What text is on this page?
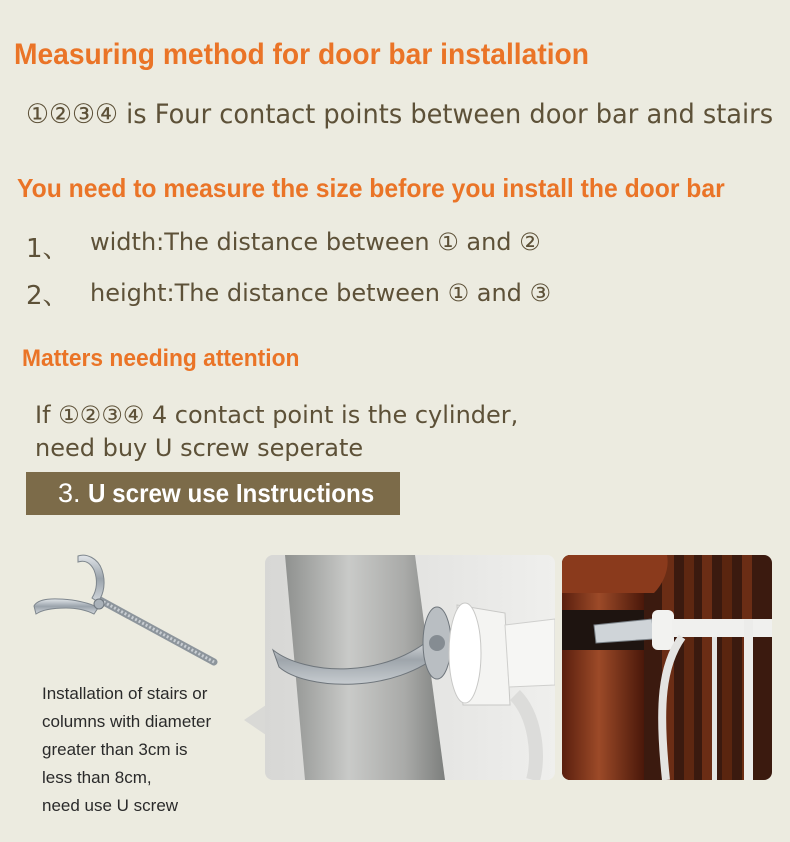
Measuring method for door bar installation
①②③④ is Four contact points between door bar and stairs
You need to measure the size before you install the door bar
1、 width:The distance between ① and ②
2、 height:The distance between ① and ③
Matters needing attention
If ①②③④ 4 contact point is the cylinder,
need buy U screw seperate
3. U screw use Instructions
Installation of stairs or
columns with diameter
greater than 3cm is
less than 8cm,
need use U screw
